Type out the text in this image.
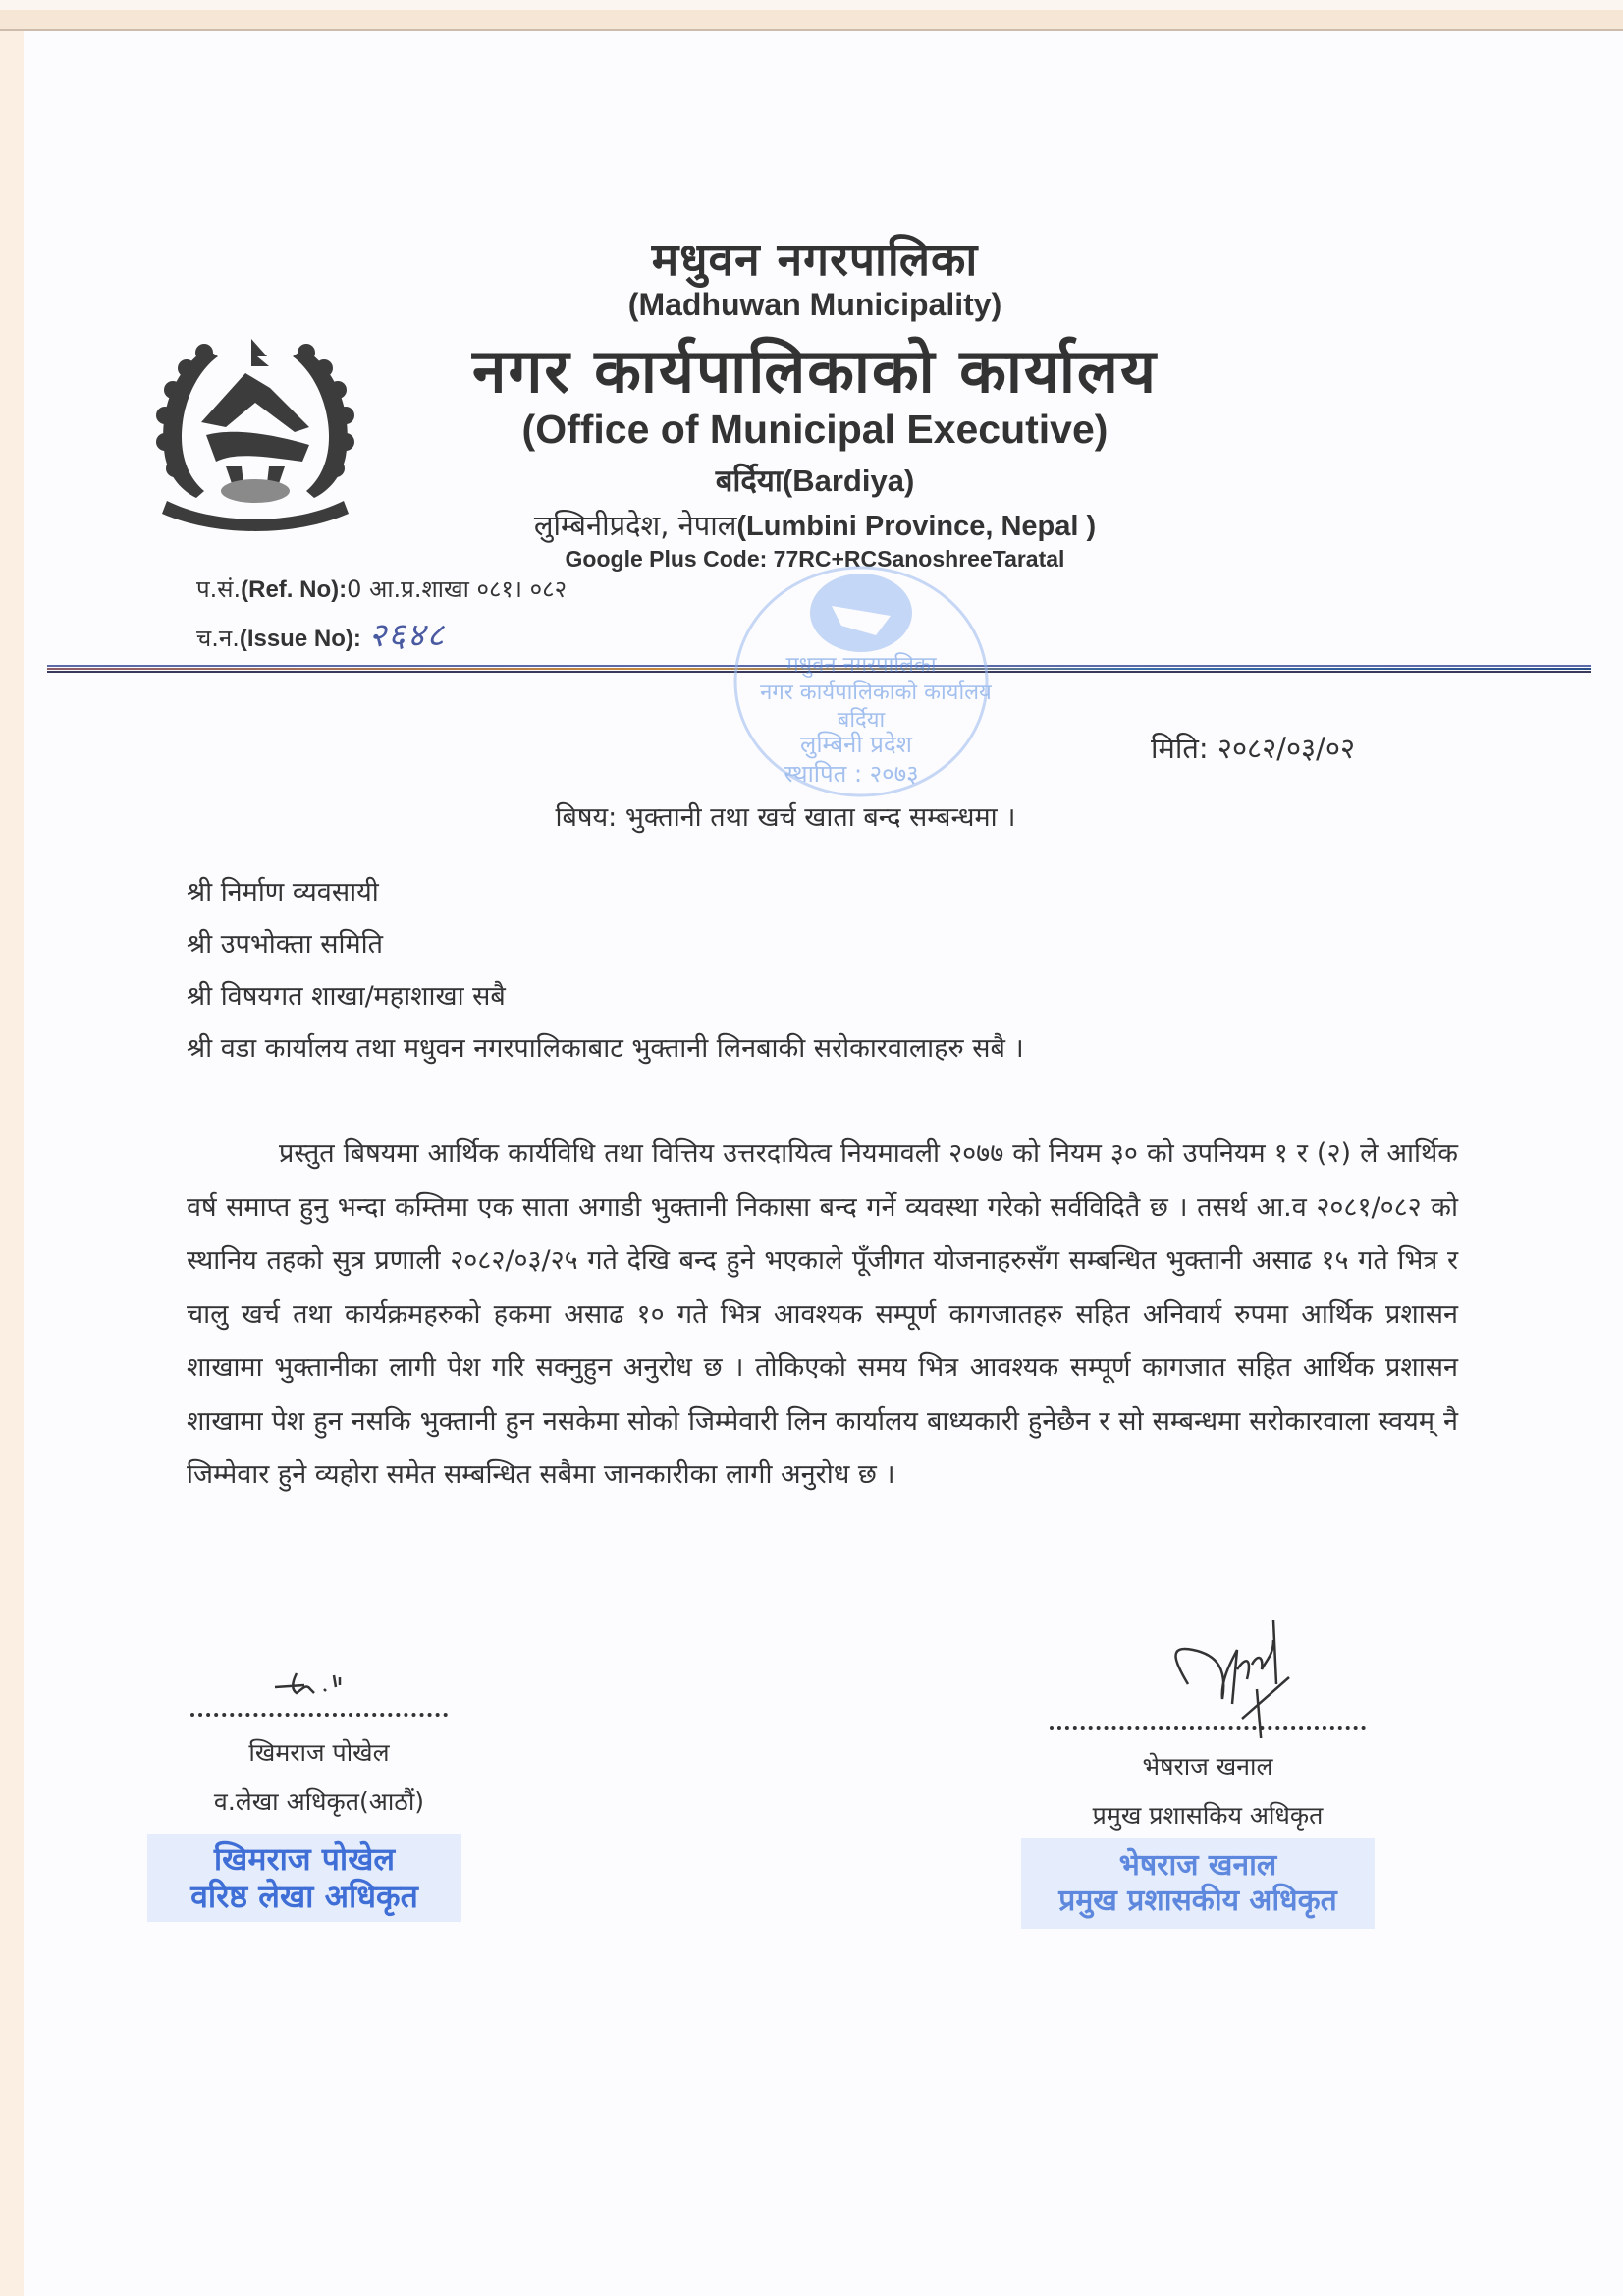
मधुवन नगरपालिका
(Madhuwan Municipality)
नगर कार्यपालिकाको कार्यालय
(Office of Municipal Executive)
बर्दिया(Bardiya)
लुम्बिनीप्रदेश, नेपाल(Lumbini Province, Nepal )
Google Plus Code: 77RC+RCSanoshreeTaratal
प.सं.(Ref. No):0 आ.प्र.शाखा ०८१। ०८२
च.न.(Issue No): २६४८
मधुवन नगरपालिका
नगर कार्यपालिकाको कार्यालय
बर्दिया
लुम्बिनी प्रदेश
स्थापित : २०७३
मिति: २०८२/०३/०२
बिषय: भुक्तानी तथा खर्च खाता बन्द सम्बन्धमा ।
श्री निर्माण व्यवसायी
श्री उपभोक्ता समिति
श्री विषयगत शाखा/महाशाखा सबै
श्री वडा कार्यालय तथा मधुवन नगरपालिकाबाट भुक्तानी लिनबाकी सरोकारवालाहरु सबै ।
प्रस्तुत बिषयमा आर्थिक कार्यविधि तथा वित्तिय उत्तरदायित्व नियमावली २०७७ को नियम ३० को उपनियम १ र (२) ले आर्थिक वर्ष समाप्त हुनु भन्दा कम्तिमा एक साता अगाडी भुक्तानी निकासा बन्द गर्ने व्यवस्था गरेको सर्वविदितै छ । तसर्थ आ.व २०८१/०८२ को स्थानिय तहको सुत्र प्रणाली २०८२/०३/२५ गते देखि बन्द हुने भएकाले पूँजीगत योजनाहरुसँग सम्बन्धित भुक्तानी असाढ १५ गते भित्र र चालु खर्च तथा कार्यक्रमहरुको हकमा असाढ १० गते भित्र आवश्यक सम्पूर्ण कागजातहरु सहित अनिवार्य रुपमा आर्थिक प्रशासन शाखामा भुक्तानीका लागी पेश गरि सक्नुहुन अनुरोध छ । तोकिएको समय भित्र आवश्यक सम्पूर्ण कागजात सहित आर्थिक प्रशासन शाखामा पेश हुन नसकि भुक्तानी हुन नसकेमा सोको जिम्मेवारी लिन कार्यालय बाध्यकारी हुनेछैन र सो सम्बन्धमा सरोकारवाला स्वयम् नै जिम्मेवार हुने व्यहोरा समेत सम्बन्धित सबैमा जानकारीका लागी अनुरोध छ ।
खिमराज पोखेल
व.लेखा अधिकृत(आठौं)
खिमराज पोखेल
वरिष्ठ लेखा अधिकृत
भेषराज खनाल
प्रमुख प्रशासकिय अधिकृत
भेषराज खनाल
प्रमुख प्रशासकीय अधिकृत
